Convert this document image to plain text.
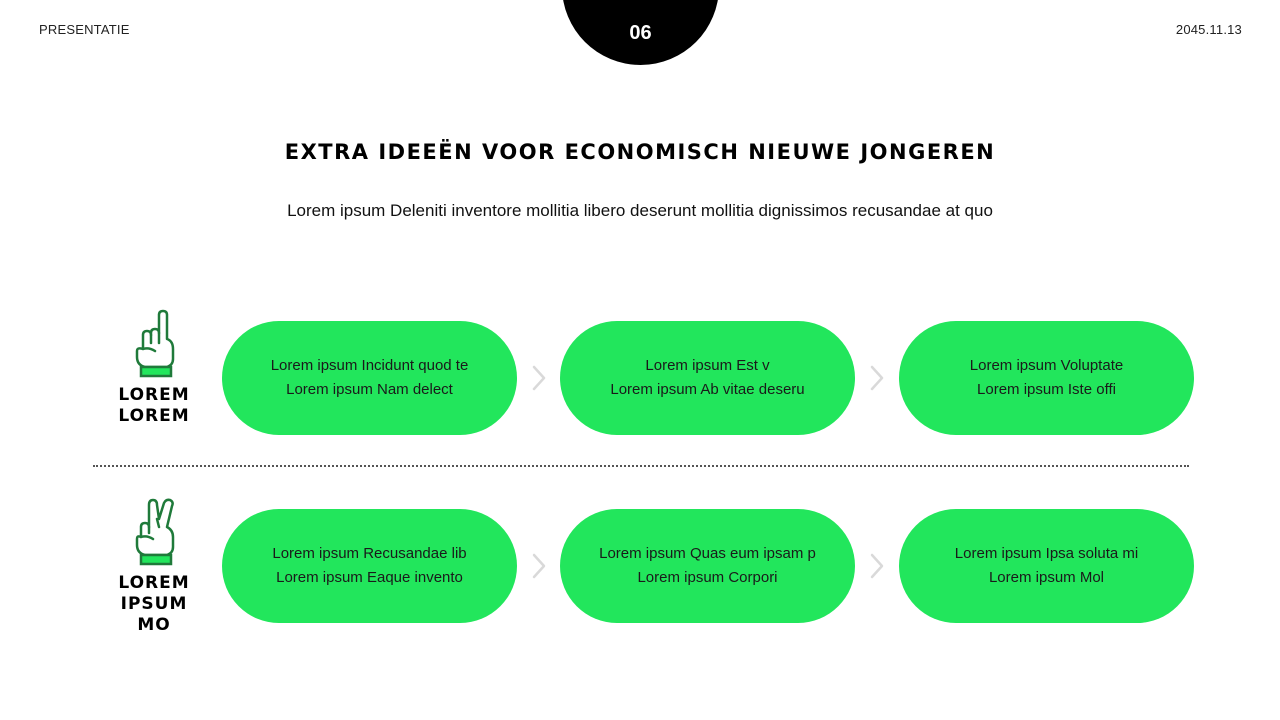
PRESENTATIE	06	2045.11.13
EXTRA IDEEËN VOOR ECONOMISCH NIEUWE JONGEREN
Lorem ipsum Deleniti inventore mollitia libero deserunt mollitia dignissimos recusandae at quo
LOREM
LOREM
Lorem ipsum Incidunt quod te
Lorem ipsum Nam delect
Lorem ipsum Est v
Lorem ipsum Ab vitae deseru
Lorem ipsum Voluptate
Lorem ipsum Iste offi
LOREM
IPSUM
MO
Lorem ipsum Recusandae lib
Lorem ipsum Eaque invento
Lorem ipsum Quas eum ipsam p
Lorem ipsum Corpori
Lorem ipsum Ipsa soluta mi
Lorem ipsum Mol
